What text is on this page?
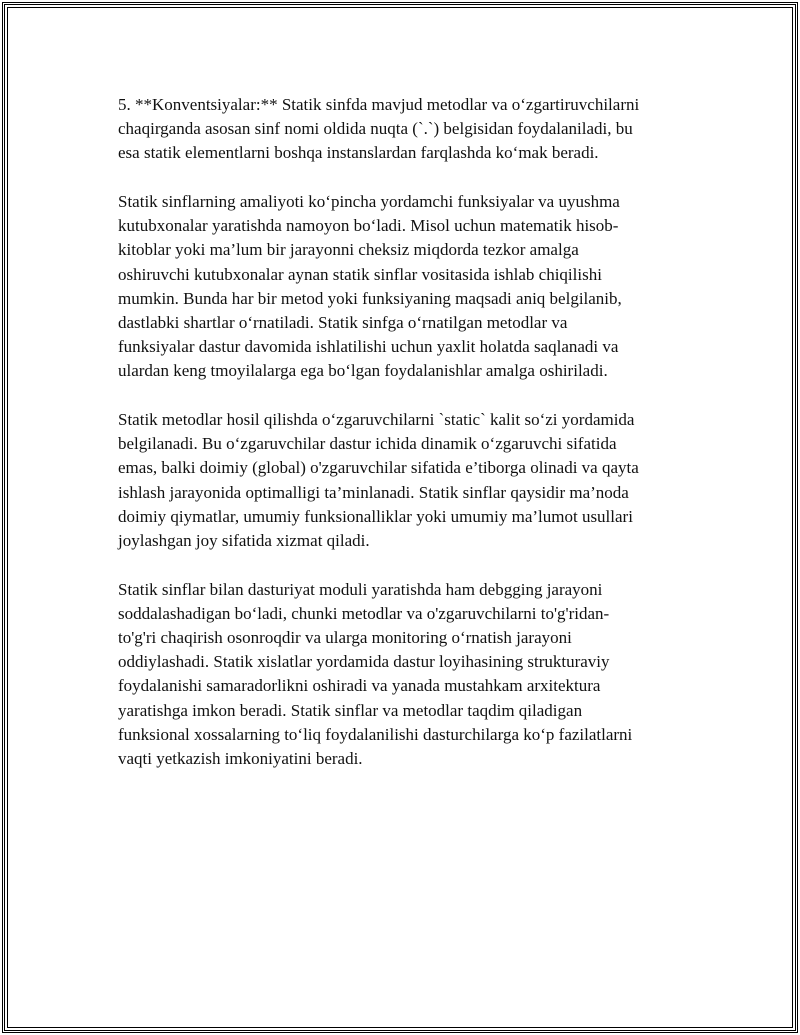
5. **Konventsiyalar:** Statik sinfda mavjud metodlar va o‘zgartiruvchilarni
chaqirganda asosan sinf nomi oldida nuqta (`.`) belgisidan foydalaniladi, bu
esa statik elementlarni boshqa instanslardan farqlashda ko‘mak beradi.

Statik sinflarning amaliyoti ko‘pincha yordamchi funksiyalar va uyushma
kutubxonalar yaratishda namoyon bo‘ladi. Misol uchun matematik hisob-
kitoblar yoki ma’lum bir jarayonni cheksiz miqdorda tezkor amalga
oshiruvchi kutubxonalar aynan statik sinflar vositasida ishlab chiqilishi
mumkin. Bunda har bir metod yoki funksiyaning maqsadi aniq belgilanib,
dastlabki shartlar o‘rnatiladi. Statik sinfga o‘rnatilgan metodlar va
funksiyalar dastur davomida ishlatilishi uchun yaxlit holatda saqlanadi va
ulardan keng tmoyilalarga ega bo‘lgan foydalanishlar amalga oshiriladi.

Statik metodlar hosil qilishda o‘zgaruvchilarni `static` kalit so‘zi yordamida
belgilanadi. Bu o‘zgaruvchilar dastur ichida dinamik o‘zgaruvchi sifatida
emas, balki doimiy (global) o'zgaruvchilar sifatida e’tiborga olinadi va qayta
ishlash jarayonida optimalligi ta’minlanadi. Statik sinflar qaysidir ma’noda
doimiy qiymatlar, umumiy funksionalliklar yoki umumiy ma’lumot usullari
joylashgan joy sifatida xizmat qiladi.

Statik sinflar bilan dasturiyat moduli yaratishda ham debgging jarayoni
soddalashadigan bo‘ladi, chunki metodlar va o'zgaruvchilarni to'g'ridan-
to'g'ri chaqirish osonroqdir va ularga monitoring o‘rnatish jarayoni
oddiylashadi. Statik xislatlar yordamida dastur loyihasining strukturaviy
foydalanishi samaradorlikni oshiradi va yanada mustahkam arxitektura
yaratishga imkon beradi. Statik sinflar va metodlar taqdim qiladigan
funksional xossalarning to‘liq foydalanilishi dasturchilarga ko‘p fazilatlarni
vaqti yetkazish imkoniyatini beradi.
